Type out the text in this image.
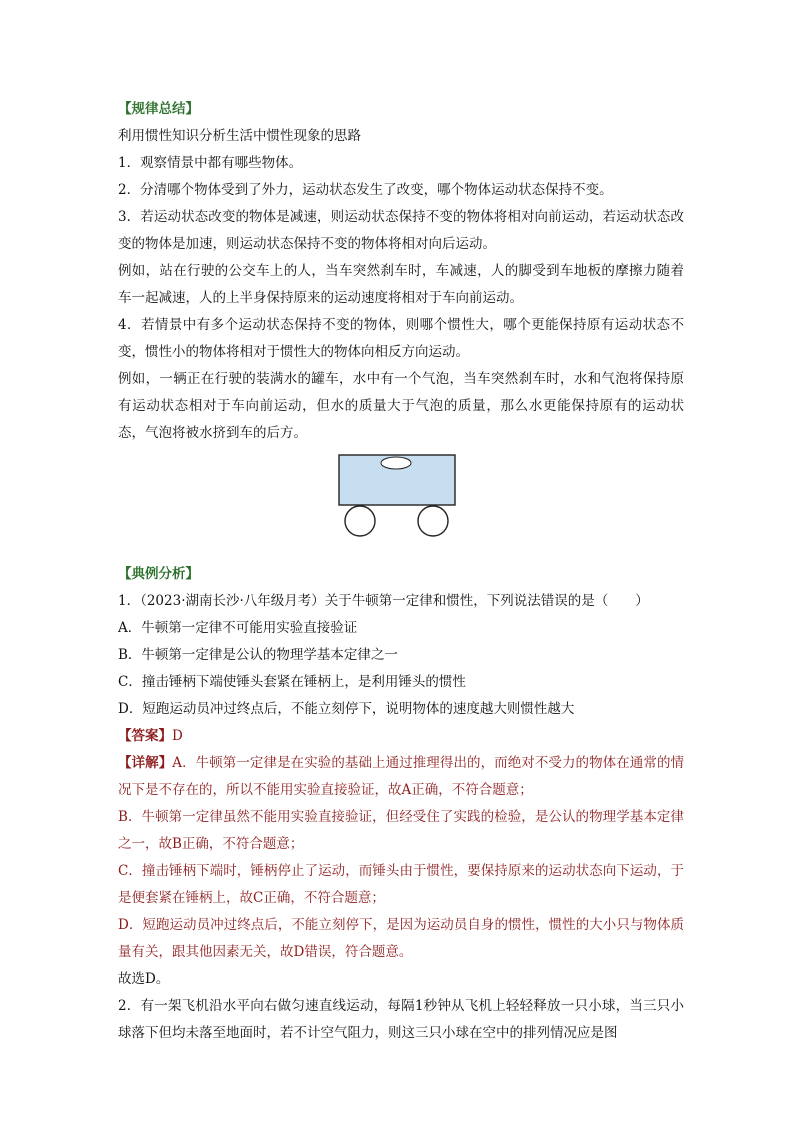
【规律总结】

利用惯性知识分析生活中惯性现象的思路

1．观察情景中都有哪些物体。

2．分清哪个物体受到了外力，运动状态发生了改变，哪个物体运动状态保持不变。

3．若运动状态改变的物体是减速，则运动状态保持不变的物体将相对向前运动，若运动状态改变的物体是加速，则运动状态保持不变的物体将相对向后运动。

例如，站在行驶的公交车上的人，当车突然刹车时，车减速，人的脚受到车地板的摩擦力随着车一起减速，人的上半身保持原来的运动速度将相对于车向前运动。

4．若情景中有多个运动状态保持不变的物体，则哪个惯性大，哪个更能保持原有运动状态不变，惯性小的物体将相对于惯性大的物体向相反方向运动。

例如，一辆正在行驶的装满水的罐车，水中有一个气泡，当车突然刹车时，水和气泡将保持原有运动状态相对于车向前运动，但水的质量大于气泡的质量，那么水更能保持原有的运动状态，气泡将被水挤到车的后方。

【典例分析】

1．（2023·湖南长沙·八年级月考）关于牛顿第一定律和惯性，下列说法错误的是（　　）

A．牛顿第一定律不可能用实验直接验证

B．牛顿第一定律是公认的物理学基本定律之一

C．撞击锤柄下端使锤头套紧在锤柄上，是利用锤头的惯性

D．短跑运动员冲过终点后，不能立刻停下，说明物体的速度越大则惯性越大

【答案】D

【详解】A．牛顿第一定律是在实验的基础上通过推理得出的，而绝对不受力的物体在通常的情况下是不存在的，所以不能用实验直接验证，故A正确，不符合题意；

B．牛顿第一定律虽然不能用实验直接验证，但经受住了实践的检验，是公认的物理学基本定律之一，故B正确，不符合题意；

C．撞击锤柄下端时，锤柄停止了运动，而锤头由于惯性，要保持原来的运动状态向下运动，于是便套紧在锤柄上，故C正确，不符合题意；

D．短跑运动员冲过终点后，不能立刻停下，是因为运动员自身的惯性，惯性的大小只与物体质量有关，跟其他因素无关，故D错误，符合题意。

故选D。

2．有一架飞机沿水平向右做匀速直线运动，每隔1秒钟从飞机上轻轻释放一只小球，当三只小球落下但均未落至地面时，若不计空气阻力，则这三只小球在空中的排列情况应是图
